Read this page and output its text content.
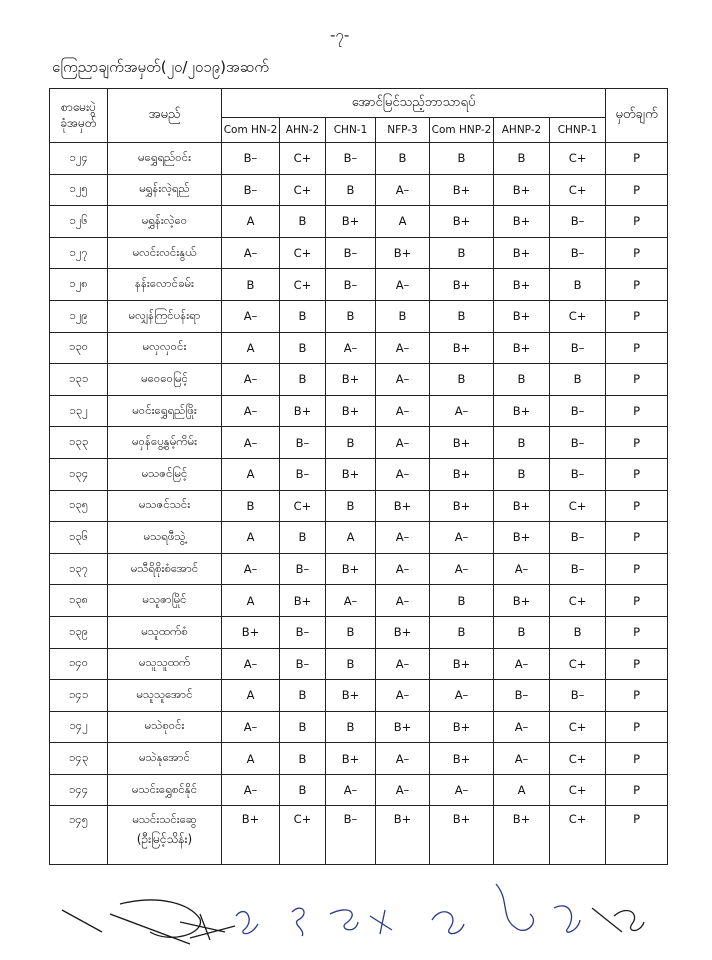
-၇-
ကြေညာချက်အမှတ်(၂၀/၂၀၁၉)အဆက်
စာမေးပွဲ
ခုံအမှတ်	အမည်	အောင်မြင်သည့်ဘာသာရပ်							မှတ်ချက်
		Com HN-2	AHN-2	CHN-1	NFP-3	Com HNP-2	AHNP-2	CHNP-1	
၁၂၄	မရွှေရည်ဝင်း	B–	C+	B–	B	B	B	C+	P
၁၂၅	မရွှန်းလဲ့ရည်	B–	C+	B	A–	B+	B+	C+	P
၁၂၆	မရွှန်းလဲ့ဝေ	A	B	B+	A	B+	B+	B–	P
၁၂၇	မလင်းလင်းနွယ်	A–	C+	B–	B+	B	B+	B–	P
၁၂၈	နန်းလောင်ခမ်း	B	C+	B–	A–	B+	B+	B	P
၁၂၉	မလျှန်ကြင်ပန်းရာ	A–	B	B	B	B	B+	C+	P
၁၃၀	မလှလှဝင်း	A	B	A–	A–	B+	B+	B–	P
၁၃၁	မဝေဝေမြင့်	A–	B	B+	A–	B	B	B	P
၁၃၂	မဝင်းရွှေရည်ဖြိုး	A–	B+	B+	A–	A–	B+	B–	P
၁၃၃	မဝှန်ပွေ့နွမ့်ကိမ်း	A–	B–	B	A–	B+	B	B–	P
၁၃၄	မသဇင်မြင့်	A	B–	B+	A–	B+	B	B–	P
၁၃၅	မသဇင်သင်း	B	C+	B	B+	B+	B+	C+	P
၁၃၆	မသရဖီသွဲ့	A	B	A	A–	A–	B+	B–	P
၁၃၇	မသီရိစိုးစံအောင်	A–	B–	B+	A–	A–	A–	B–	P
၁၃၈	မသူဇာမြိုင်	A	B+	A–	A–	B	B+	C+	P
၁၃၉	မသူထက်စံ	B+	B–	B	B+	B	B	B	P
၁၄၀	မသူသူထက်	A–	B–	B	A–	B+	A–	C+	P
၁၄၁	မသူသူအောင်	A	B	B+	A–	A–	B–	B–	P
၁၄၂	မသဲစုဝင်း	A–	B	B	B+	B+	A–	C+	P
၁၄၃	မသဲနုအောင်	A	B	B+	A–	B+	A–	C+	P
၁၄၄	မသင်းရွှေစင်နိုင်	A–	B	A–	A–	A–	A	C+	P
၁၄၅	မသင်းသင်းဆွေ
(ဦးမြင့်သိန်း)	B+	C+	B–	B+	B+	B+	C+	P
